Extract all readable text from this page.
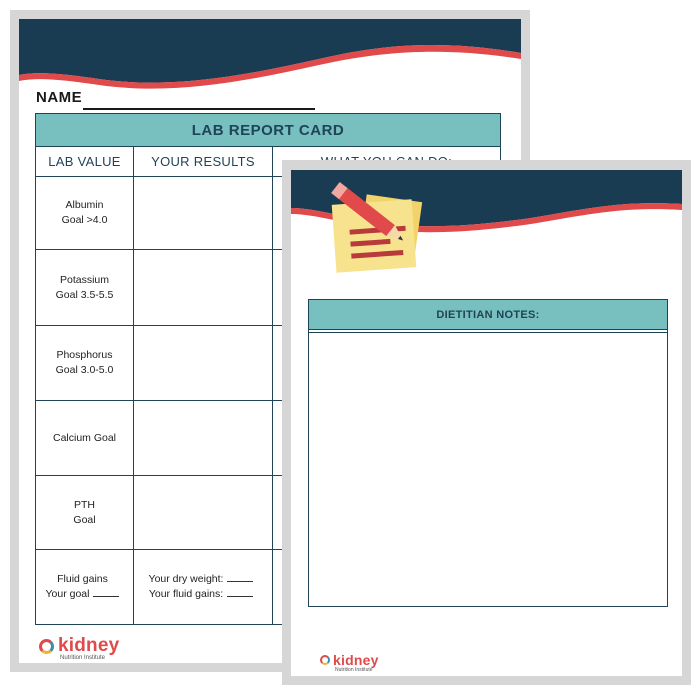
NAME
LAB REPORT CARD
LAB VALUE	YOUR RESULTS
Albumin
Goal >4.0
Potassium
Goal 3.5-5.5
Phosphorus
Goal 3.0-5.0
Calcium Goal
PTH
Goal
Fluid gains
Your goal
Your dry weight:
Your fluid gains:
kidney
Nutrition Institute
DIETITIAN NOTES:
kidney
Nutrition Institute
